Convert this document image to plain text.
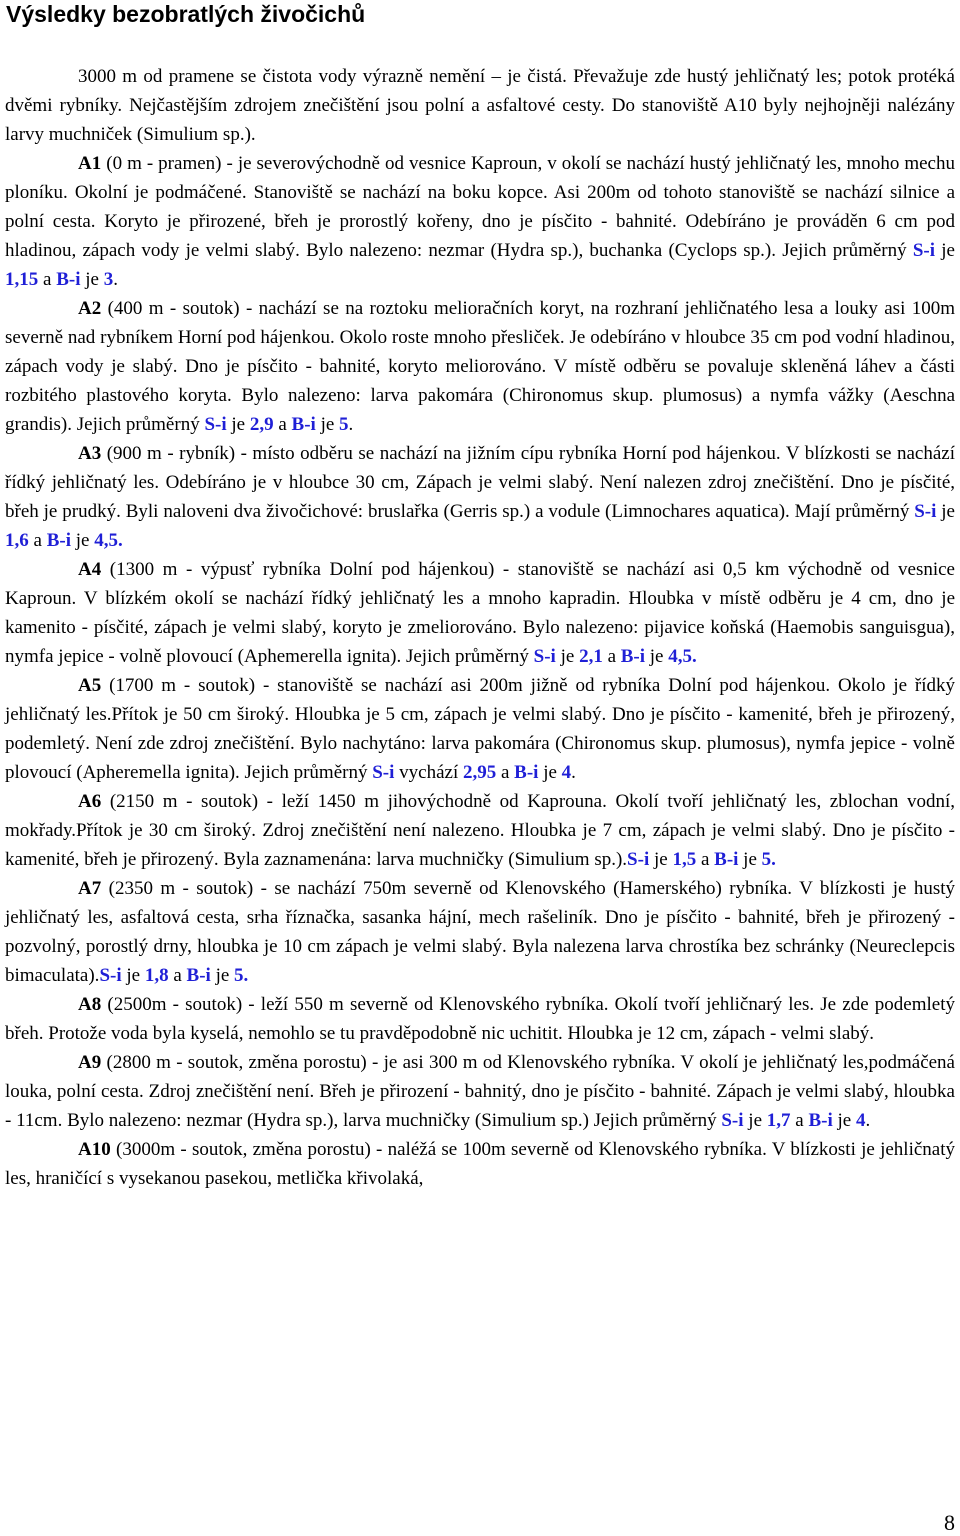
Výsledky bezobratlých živočichů

3000 m od pramene se čistota vody výrazně nemění – je čistá. Převažuje zde hustý jehličnatý les; potok protéká dvěmi rybníky. Nejčastějším zdrojem znečištění jsou polní a asfaltové cesty. Do stanoviště A10 byly nejhojněji nalézány larvy muchniček (Simulium sp.).

A1 (0 m - pramen) - je severovýchodně od vesnice Kaproun, v okolí se nachází hustý jehličnatý les, mnoho mechu ploníku. Okolní je podmáčené. Stanoviště se nachází na boku kopce. Asi 200m od tohoto stanoviště se nachází silnice a polní cesta. Koryto je přirozené, břeh je prorostlý kořeny, dno je písčito - bahnité. Odebíráno je prováděn 6 cm pod hladinou, zápach vody je velmi slabý. Bylo nalezeno: nezmar (Hydra sp.), buchanka (Cyclops sp.). Jejich průměrný S-i je 1,15 a B-i je 3.

A2 (400 m - soutok) - nachází se na roztoku melioračních koryt, na rozhraní jehličnatého lesa a louky asi 100m severně nad rybníkem Horní pod hájenkou. Okolo roste mnoho přesliček. Je odebíráno v hloubce 35 cm pod vodní hladinou, zápach vody je slabý. Dno je písčito - bahnité, koryto meliorováno. V místě odběru se povaluje skleněná láhev a části rozbitého plastového koryta. Bylo nalezeno: larva pakomára (Chironomus skup. plumosus) a nymfa vážky (Aeschna grandis). Jejich průměrný S-i je 2,9 a B-i je 5.

A3 (900 m - rybník) - místo odběru se nachází na jižním cípu rybníka Horní pod hájenkou. V blízkosti se nachází řídký jehličnatý les. Odebíráno je v hloubce 30 cm, Zápach je velmi slabý. Není nalezen zdroj znečištění. Dno je písčité, břeh je prudký. Byli naloveni dva živočichové: bruslařka (Gerris sp.) a vodule (Limnochares aquatica). Mají průměrný S-i je 1,6 a B-i je 4,5.

A4 (1300 m - výpusť rybníka Dolní pod hájenkou) - stanoviště se nachází asi 0,5 km východně od vesnice Kaproun. V blízkém okolí se nachází řídký jehličnatý les a mnoho kapradin. Hloubka v místě odběru je 4 cm, dno je kamenito - písčité, zápach je velmi slabý, koryto je zmeliorováno. Bylo nalezeno: pijavice koňská (Haemobis sanguisgua), nymfa jepice - volně plovoucí (Aphemerella ignita). Jejich průměrný S-i je 2,1 a B-i je 4,5.

A5 (1700 m - soutok) - stanoviště se nachází asi 200m jižně od rybníka Dolní pod hájenkou. Okolo je řídký jehličnatý les.Přítok je 50 cm široký. Hloubka je 5 cm, zápach je velmi slabý. Dno je písčito - kamenité, břeh je přirozený, podemletý. Není zde zdroj znečištění. Bylo nachytáno: larva pakomára (Chironomus skup. plumosus), nymfa jepice - volně plovoucí (Apheremella ignita). Jejich průměrný S-i vychází 2,95 a B-i je 4.

A6 (2150 m - soutok) - leží 1450 m jihovýchodně od Kaprouna. Okolí tvoří jehličnatý les, zblochan vodní, mokřady.Přítok je 30 cm široký. Zdroj znečištění není nalezeno. Hloubka je 7 cm, zápach je velmi slabý. Dno je písčito - kamenité, břeh je přirozený. Byla zaznamenána: larva muchničky (Simulium sp.).S-i je 1,5 a B-i je 5.

A7 (2350 m - soutok) - se nachází 750m severně od Klenovského (Hamerského) rybníka. V blízkosti je hustý jehličnatý les, asfaltová cesta, srha říznačka, sasanka hájní, mech rašeliník. Dno je písčito - bahnité, břeh je přirozený - pozvolný, porostlý drny, hloubka je 10 cm zápach je velmi slabý. Byla nalezena larva chrostíka bez schránky (Neureclepcis bimaculata).S-i je 1,8 a B-i je 5.

A8 (2500m - soutok) - leží 550 m severně od Klenovského rybníka. Okolí tvoří jehličnarý les. Je zde podemletý břeh. Protože voda byla kyselá, nemohlo se tu pravděpodobně nic uchitit. Hloubka je 12 cm, zápach - velmi slabý.

A9 (2800 m - soutok, změna porostu) - je asi 300 m od Klenovského rybníka. V okolí je jehličnatý les,podmáčená louka, polní cesta. Zdroj znečištění není. Břeh je přirození - bahnitý, dno je písčito - bahnité. Zápach je velmi slabý, hloubka - 11cm. Bylo nalezeno: nezmar (Hydra sp.), larva muchničky (Simulium sp.) Jejich průměrný S-i je 1,7 a B-i je 4.

A10 (3000m - soutok, změna porostu) - naléžá se 100m severně od Klenovského rybníka. V blízkosti je jehličnatý les, hraničící s vysekanou pasekou, metlička křivolaká,

8
